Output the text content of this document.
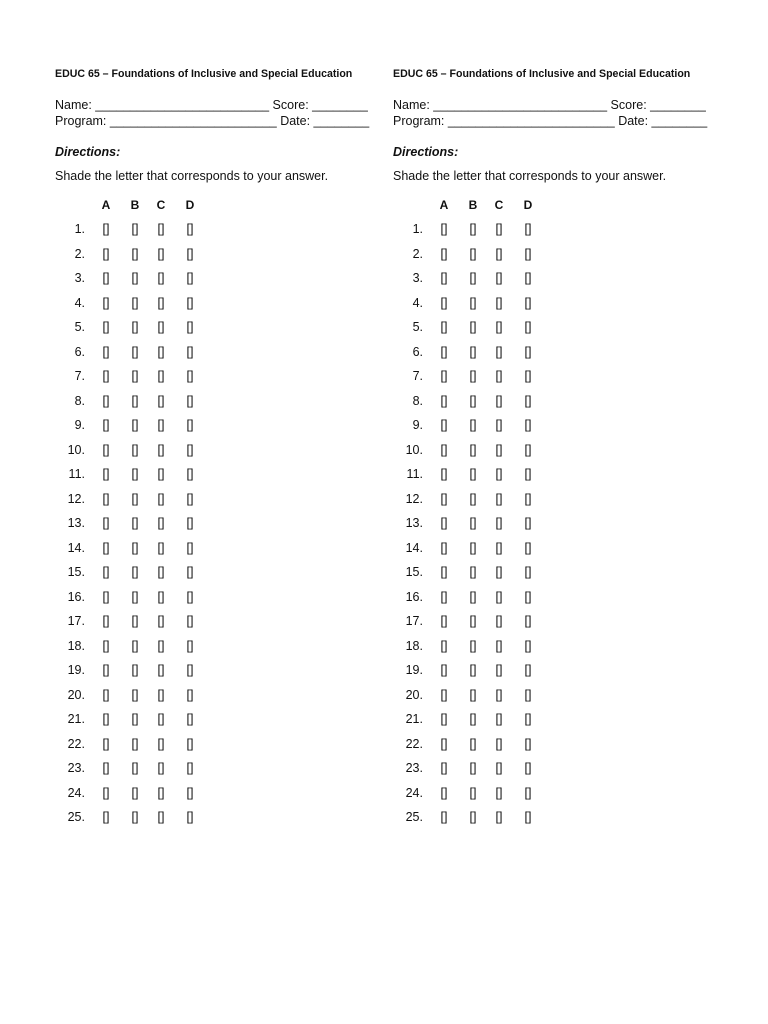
EDUC 65 – Foundations of Inclusive and Special Education
Name: _________________________ Score: ________
Program: ________________________ Date: ________
Directions:
Shade the letter that corresponds to your answer.
A B C D
1. [] [] [] []
2. [] [] [] []
3. [] [] [] []
4. [] [] [] []
5. [] [] [] []
6. [] [] [] []
7. [] [] [] []
8. [] [] [] []
9. [] [] [] []
10. [] [] [] []
11. [] [] [] []
12. [] [] [] []
13. [] [] [] []
14. [] [] [] []
15. [] [] [] []
16. [] [] [] []
17. [] [] [] []
18. [] [] [] []
19. [] [] [] []
20. [] [] [] []
21. [] [] [] []
22. [] [] [] []
23. [] [] [] []
24. [] [] [] []
25. [] [] [] []
EDUC 65 – Foundations of Inclusive and Special Education
Name: _________________________ Score: ________
Program: ________________________ Date: ________
Directions:
Shade the letter that corresponds to your answer.
A B C D
1. [] [] [] []
2. [] [] [] []
3. [] [] [] []
4. [] [] [] []
5. [] [] [] []
6. [] [] [] []
7. [] [] [] []
8. [] [] [] []
9. [] [] [] []
10. [] [] [] []
11. [] [] [] []
12. [] [] [] []
13. [] [] [] []
14. [] [] [] []
15. [] [] [] []
16. [] [] [] []
17. [] [] [] []
18. [] [] [] []
19. [] [] [] []
20. [] [] [] []
21. [] [] [] []
22. [] [] [] []
23. [] [] [] []
24. [] [] [] []
25. [] [] [] []
